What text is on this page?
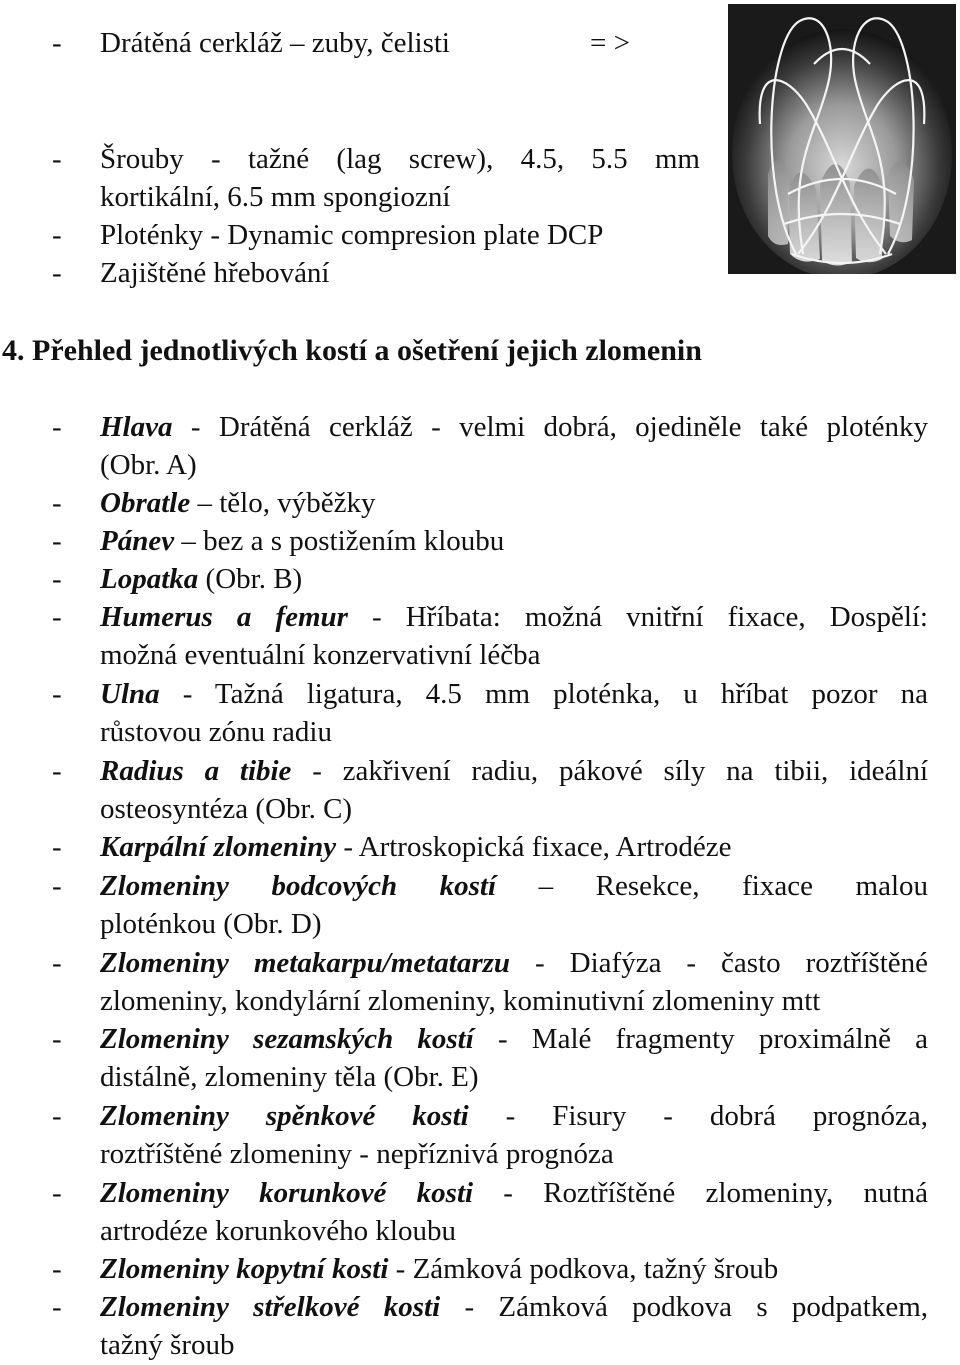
- Drátěná cerkláž – zuby, čelisti	= >
- Šrouby - tažné (lag screw), 4.5, 5.5 mm
kortikální, 6.5 mm spongiozní
- Ploténky - Dynamic compresion plate DCP
- Zajištěné hřebování
4. Přehled jednotlivých kostí a ošetření jejich zlomenin
- Hlava - Drátěná cerkláž - velmi dobrá, ojediněle také ploténky
(Obr. A)
- Obratle – tělo, výběžky
- Pánev – bez a s postižením kloubu
- Lopatka (Obr. B)
- Humerus a femur - Hříbata: možná vnitřní fixace, Dospělí:
možná eventuální konzervativní léčba
- Ulna - Tažná ligatura, 4.5 mm ploténka, u hříbat pozor na
růstovou zónu radiu
- Radius a tibie - zakřivení radiu, pákové síly na tibii, ideální
osteosyntéza (Obr. C)
- Karpální zlomeniny - Artroskopická fixace, Artrodéze
- Zlomeniny bodcových kostí – Resekce, fixace malou
ploténkou (Obr. D)
- Zlomeniny metakarpu/metatarzu - Diafýza - často roztříštěné
zlomeniny, kondylární zlomeniny, kominutivní zlomeniny mtt
- Zlomeniny sezamských kostí - Malé fragmenty proximálně a
distálně, zlomeniny těla (Obr. E)
- Zlomeniny spěnkové kosti - Fisury - dobrá prognóza,
roztříštěné zlomeniny - nepříznivá prognóza
- Zlomeniny korunkové kosti - Roztříštěné zlomeniny, nutná
artrodéze korunkového kloubu
- Zlomeniny kopytní kosti - Zámková podkova, tažný šroub
- Zlomeniny střelkové kosti - Zámková podkova s podpatkem,
tažný šroub
